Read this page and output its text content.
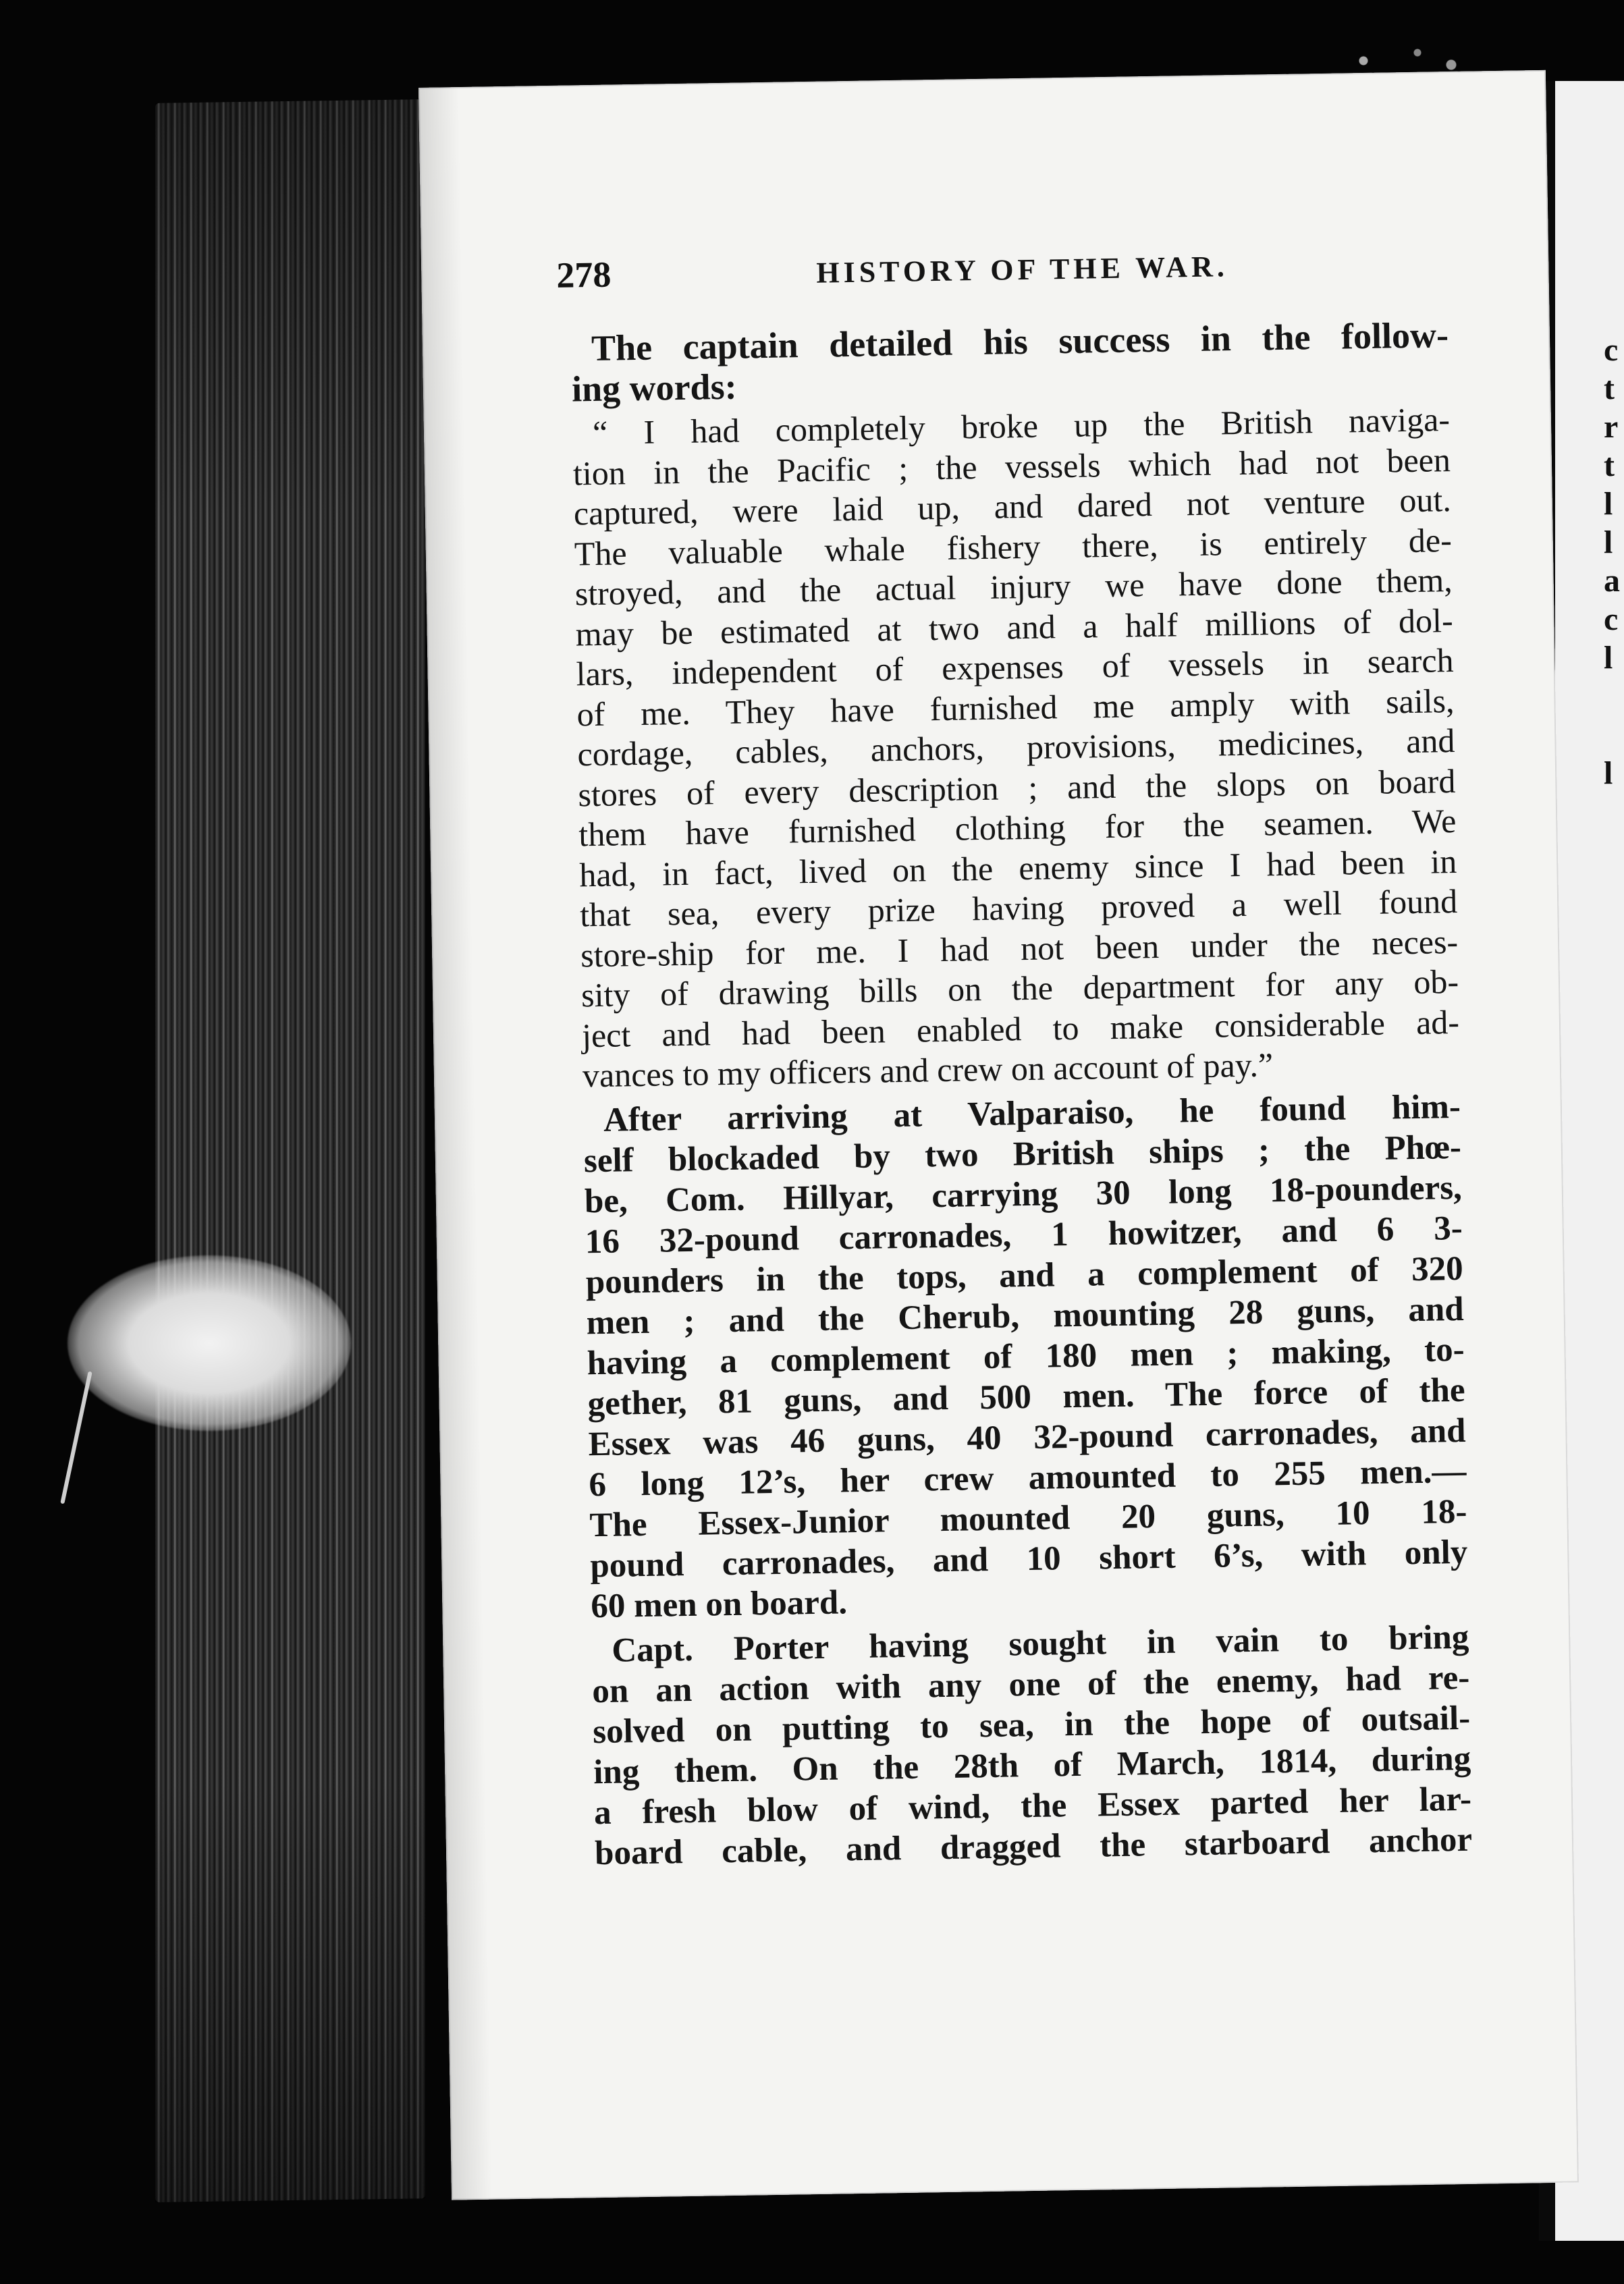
c
t
r
t
l
l
a
c
l

l

278	HISTORY OF THE WAR.

The captain detailed his success in the follow-
ing words:

“ I had completely broke up the British naviga-
tion in the Pacific ; the vessels which had not been
captured, were laid up, and dared not venture out.
The valuable whale fishery there, is entirely de-
stroyed, and the actual injury we have done them,
may be estimated at two and a half millions of dol-
lars, independent of expenses of vessels in search
of me. They have furnished me amply with sails,
cordage, cables, anchors, provisions, medicines, and
stores of every description ; and the slops on board
them have furnished clothing for the seamen. We
had, in fact, lived on the enemy since I had been in
that sea, every prize having proved a well found
store-ship for me. I had not been under the neces-
sity of drawing bills on the department for any ob-
ject and had been enabled to make considerable ad-
vances to my officers and crew on account of pay.”

After arriving at Valparaiso, he found him-
self blockaded by two British ships ; the Phœ-
be, Com. Hillyar, carrying 30 long 18-pounders,
16 32-pound carronades, 1 howitzer, and 6 3-
pounders in the tops, and a complement of 320
men ; and the Cherub, mounting 28 guns, and
having a complement of 180 men ; making, to-
gether, 81 guns, and 500 men. The force of the
Essex was 46 guns, 40 32-pound carronades, and
6 long 12’s, her crew amounted to 255 men.—
The Essex-Junior mounted 20 guns, 10 18-
pound carronades, and 10 short 6’s, with only
60 men on board.

Capt. Porter having sought in vain to bring
on an action with any one of the enemy, had re-
solved on putting to sea, in the hope of outsail-
ing them. On the 28th of March, 1814, during
a fresh blow of wind, the Essex parted her lar-
board cable, and dragged the starboard anchor
